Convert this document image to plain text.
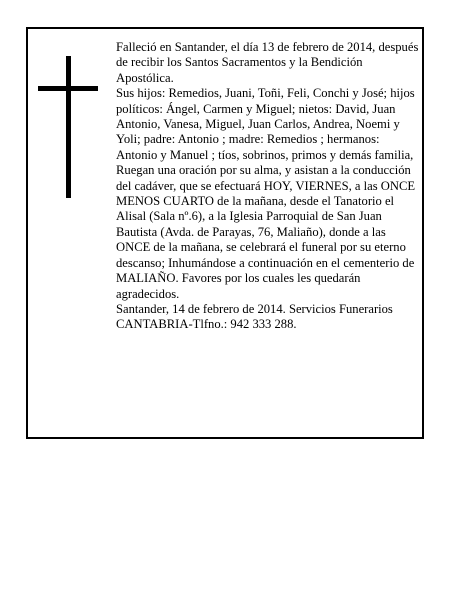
Falleció en Santander, el día 13 de febrero de 2014, después de recibir los Santos Sacramentos y la Bendición Apostólica.

Sus hijos: Remedios, Juani, Toñi, Feli, Conchi y José; hijos políticos: Ángel, Carmen y Miguel; nietos: David, Juan Antonio, Vanesa, Miguel, Juan Carlos, Andrea, Noemi y Yoli; padre: Antonio ; madre: Remedios ; hermanos: Antonio y Manuel ; tíos, sobrinos, primos y demás familia,

Ruegan una oración por su alma, y asistan a la conducción del cadáver, que se efectuará HOY, VIERNES, a las ONCE MENOS CUARTO de la mañana, desde el Tanatorio el Alisal (Sala nº.6), a la Iglesia Parroquial de San Juan Bautista (Avda. de Parayas, 76, Maliaño), donde a las ONCE de la mañana, se celebrará el funeral por su eterno descanso; Inhumándose a continuación en el cementerio de MALIAÑO. Favores por los cuales les quedarán agradecidos.

Santander, 14 de febrero de 2014. Servicios Funerarios CANTABRIA-Tlfno.: 942 333 288.
